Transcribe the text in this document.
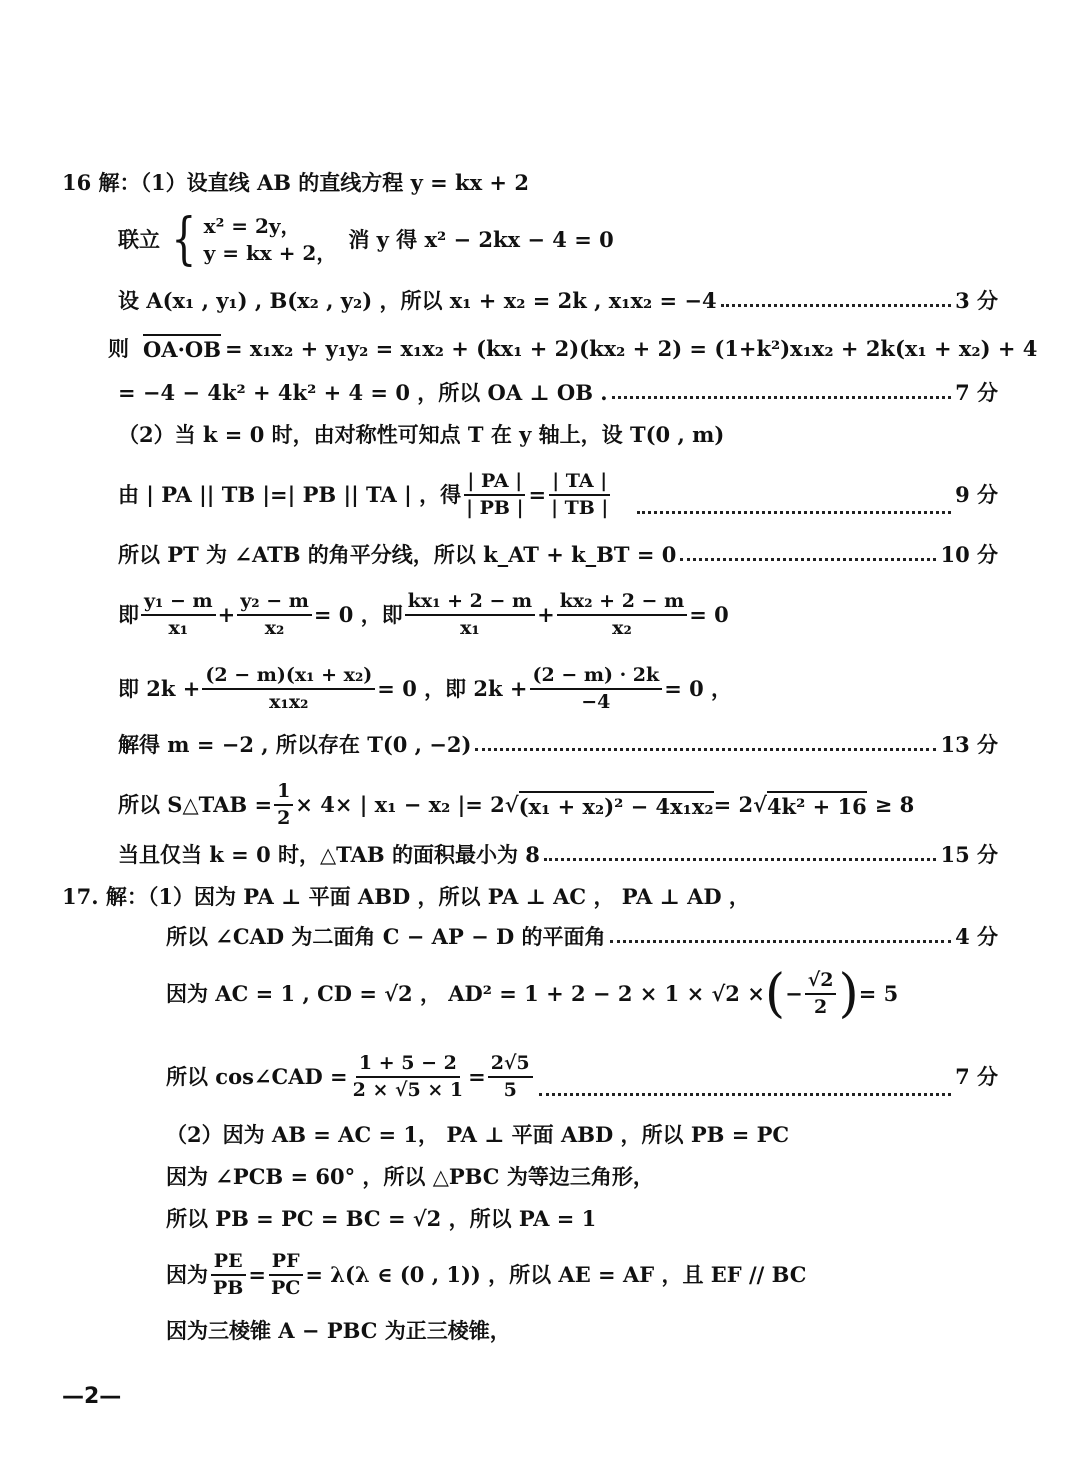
16 解：（1）设直线 AB 的直线方程 y = kx + 2
联立 { x² = 2y，
y = kx + 2，
消 y 得 x² − 2kx − 4 = 0
设 A(x₁ , y₁) , B(x₂ , y₂) ，所以 x₁ + x₂ = 2k , x₁x₂ = −4	3 分
则 OA·OB = x₁x₂ + y₁y₂ = x₁x₂ + (kx₁ + 2)(kx₂ + 2) = (1+k²)x₁x₂ + 2k(x₁ + x₂) + 4
= −4 − 4k² + 4k² + 4 = 0 ，所以 OA ⊥ OB .	7 分
（2）当 k = 0 时，由对称性可知点 T 在 y 轴上，设 T(0 , m)
由 | PA || TB |=| PB || TA | ，得 $\frac{| PA |}{| PB |} = \frac{| TA |}{| TB |}$	9 分
所以 PT 为 ∠ATB 的角平分线，所以 k_AT + k_BT = 0	10 分
即 $\frac{\text{y₁ − m}}{\text{x₁}} + \frac{\text{y₂ − m}}{\text{x₂}} = 0$ ，即 $\frac{\text{kx₁ + 2 − m}}{\text{x₁}} + \frac{\text{kx₂ + 2 − m}}{\text{x₂}} = 0$
即 $2k + \frac{\text{(2 − m)(x₁ + x₂)}}{\text{x₁x₂}} = 0$ ，即 $2k + \frac{(2 - m) \cdot 2k}{-4} = 0$ ，
解得 m = −2 , 所以存在 T(0 , −2)	13 分
所以 S△TAB = $\frac{1}{2} \times 4\times$ | x₁ − x₂ |= 2√ (x₁ + x₂)² − 4x₁x₂ = 2√ 4k² + 16 ≥ 8
当且仅当 k = 0 时，△TAB 的面积最小为 8	15 分
17. 解：（1）因为 PA ⊥ 平面 ABD ，所以 PA ⊥ AC ， PA ⊥ AD ，
所以 ∠CAD 为二面角 C − AP − D 的平面角	4 分
因为 AC = 1 , CD = √2 ， AD² = 1 + 2 − 2 × 1 × √2 × ( − $\frac{√2}{2}$ ) = 5
所以 cos∠CAD = $\frac{1 + 5 - 2}{2 \times √5 \times 1} = \frac{2√5}{5}$	7 分
（2）因为 AB = AC = 1， PA ⊥ 平面 ABD ，所以 PB = PC
因为 ∠PCB = 60° ，所以 △PBC 为等边三角形，
所以 PB = PC = BC = √2 ，所以 PA = 1
因为 $\frac{PE}{PB} = \frac{PF}{PC} = \lambda(\lambda$ ∈ (0 , 1)) ，所以 AE = AF ，且 EF // BC
因为三棱锥 A − PBC 为正三棱锥，
—2—
